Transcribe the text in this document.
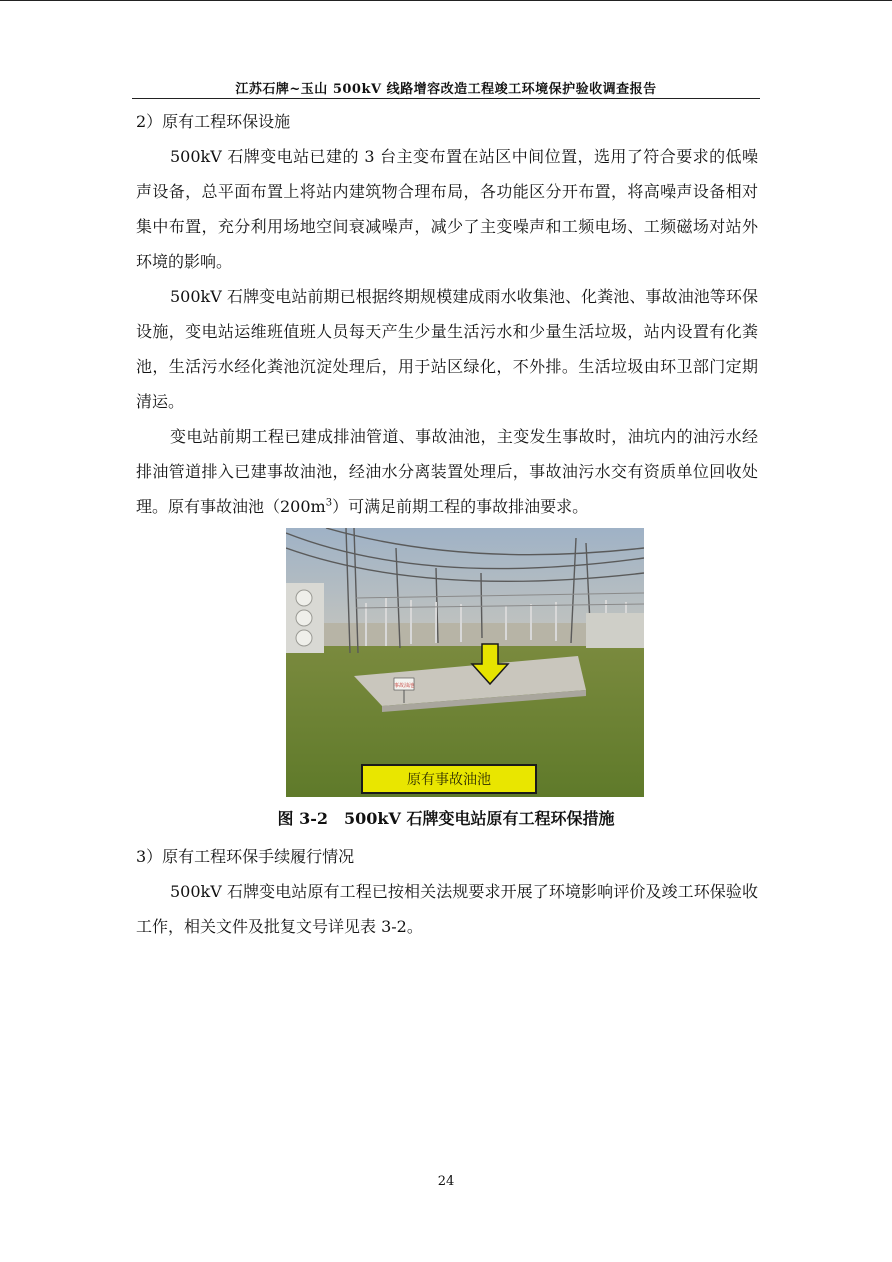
江苏石牌~玉山 500kV 线路增容改造工程竣工环境保护验收调查报告

2）原有工程环保设施

500kV 石牌变电站已建的 3 台主变布置在站区中间位置，选用了符合要求的低噪声设备，总平面布置上将站内建筑物合理布局，各功能区分开布置，将高噪声设备相对集中布置，充分利用场地空间衰减噪声，减少了主变噪声和工频电场、工频磁场对站外环境的影响。

500kV 石牌变电站前期已根据终期规模建成雨水收集池、化粪池、事故油池等环保设施，变电站运维班值班人员每天产生少量生活污水和少量生活垃圾，站内设置有化粪池，生活污水经化粪池沉淀处理后，用于站区绿化，不外排。生活垃圾由环卫部门定期清运。

变电站前期工程已建成排油管道、事故油池，主变发生事故时，油坑内的油污水经排油管道排入已建事故油池，经油水分离装置处理后，事故油污水交有资质单位回收处理。原有事故油池$(200m^3)$可满足前期工程的事故排油要求。

事故油池
原有事故油池
图 3-2　500kV 石牌变电站原有工程环保措施

3）原有工程环保手续履行情况

500kV 石牌变电站原有工程已按相关法规要求开展了环境影响评价及竣工环保验收工作，相关文件及批复文号详见表 3-2。

24
